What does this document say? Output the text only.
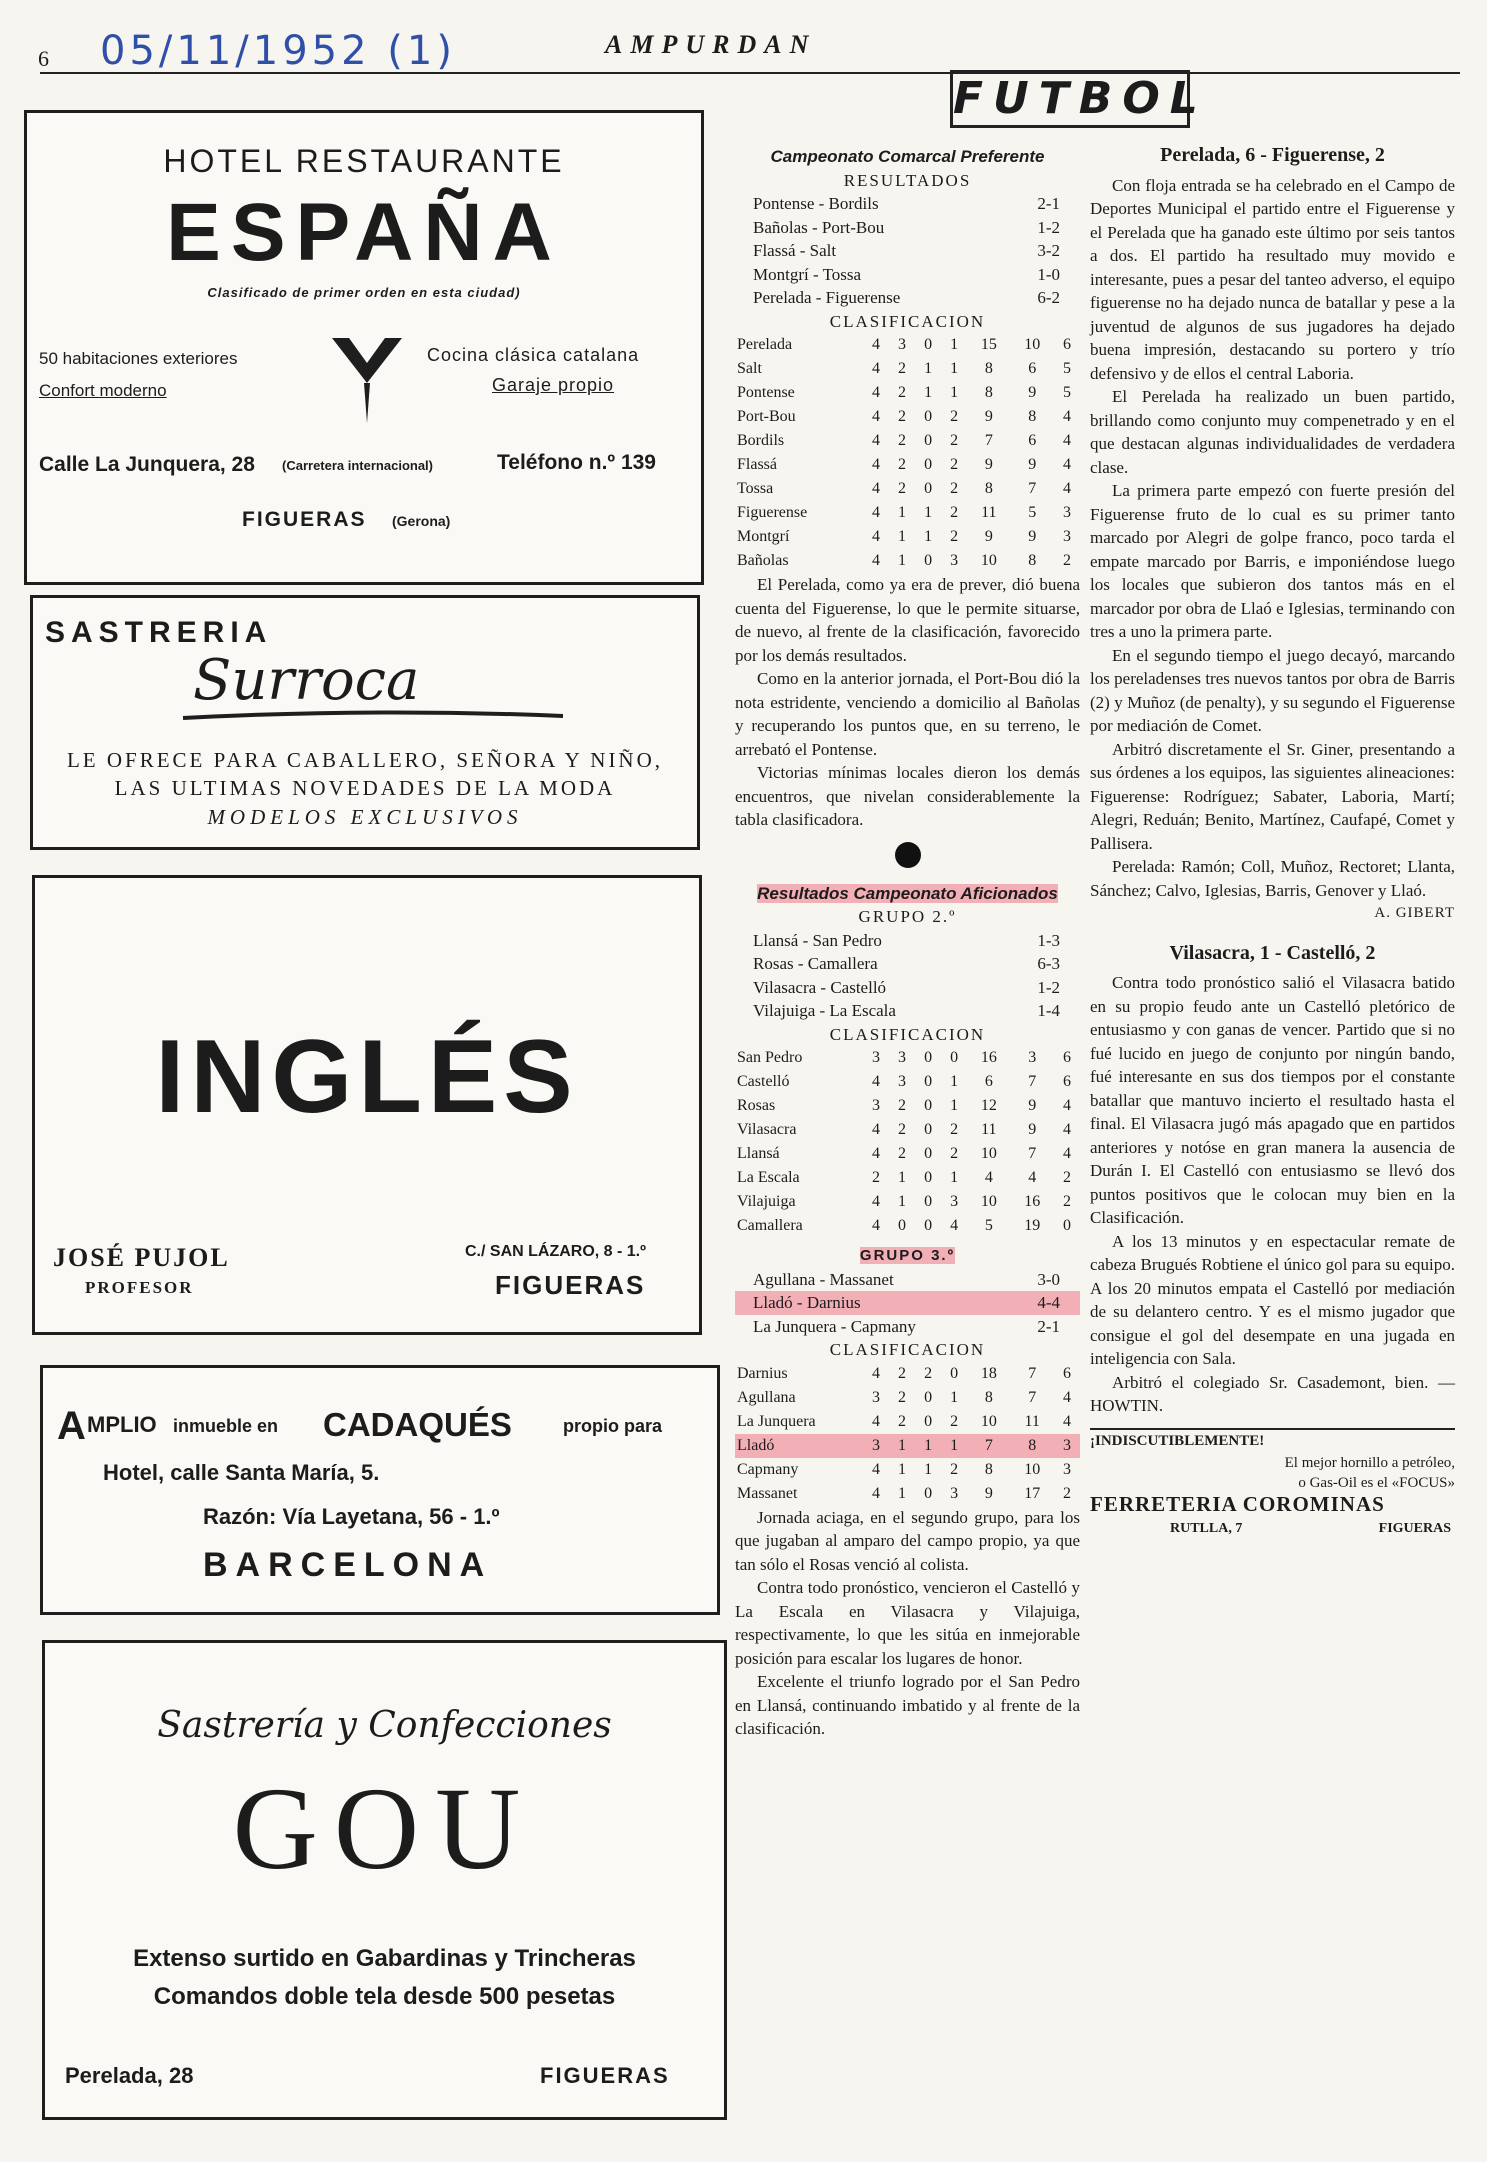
6 05/11/1952 (1)	AMPURDAN
HOTEL RESTAURANTE
ESPAÑA
Clasificado de primer orden en esta ciudad)
50 habitaciones exteriores
Confort moderno
Cocina clásica catalana
Garaje propio
Calle La Junquera, 28 (Carretera internacional)	Teléfono n.º 139
FIGUERAS (Gerona)
SASTRERIA
Surroca
LE OFRECE PARA CABALLERO, SEÑORA Y NIÑO,
LAS ULTIMAS NOVEDADES DE LA MODA
MODELOS EXCLUSIVOS
INGLÉS
JOSÉ PUJOL
PROFESOR
C./ SAN LÁZARO, 8 - 1.º
FIGUERAS
A MPLIO inmueble en CADAQUÉS	propio para
Hotel, calle Santa María, 5.
Razón: Vía Layetana, 56 - 1.º
BARCELONA
Sastrería y Confecciones
GOU
Extenso surtido en Gabardinas y Trincheras
Comandos doble tela desde 500 pesetas
Perelada, 28	FIGUERAS
FUTBOL
Campeonato Comarcal Preferente
RESULTADOS
Pontense - Bordils	2-1
Bañolas - Port-Bou	1-2
Flassá - Salt	3-2
Montgrí - Tossa	1-0
Perelada - Figuerense	6-2
CLASIFICACION
Perelada	4	3	0	1	15	10	6
Salt	4	2	1	1	8	6	5
Pontense	4	2	1	1	8	9	5
Port-Bou	4	2	0	2	9	8	4
Bordils	4	2	0	2	7	6	4
Flassá	4	2	0	2	9	9	4
Tossa	4	2	0	2	8	7	4
Figuerense	4	1	1	2	11	5	3
Montgrí	4	1	1	2	9	9	3
Bañolas	4	1	0	3	10	8	2
El Perelada, como ya era de prever, dió buena cuenta del Figuerense, lo que le permite situarse, de nuevo, al frente de la clasificación, favorecido por los demás resultados.
Como en la anterior jornada, el Port-Bou dió la nota estridente, venciendo a domicilio al Bañolas y recuperando los puntos que, en su terreno, le arrebató el Pontense.
Victorias mínimas locales dieron los demás encuentros, que nivelan considerablemente la tabla clasificadora.
Resultados Campeonato Aficionados
GRUPO 2.º
Llansá - San Pedro	1-3
Rosas - Camallera	6-3
Vilasacra - Castelló	1-2
Vilajuiga - La Escala	1-4
CLASIFICACION
San Pedro	3	3	0	0	16	3	6
Castelló	4	3	0	1	6	7	6
Rosas	3	2	0	1	12	9	4
Vilasacra	4	2	0	2	11	9	4
Llansá	4	2	0	2	10	7	4
La Escala	2	1	0	1	4	4	2
Vilajuiga	4	1	0	3	10	16	2
Camallera	4	0	0	4	5	19	0
GRUPO 3.º
Agullana - Massanet	3-0
Lladó - Darnius	4-4
La Junquera - Capmany	2-1
CLASIFICACION
Darnius	4	2	2	0	18	7	6
Agullana	3	2	0	1	8	7	4
La Junquera	4	2	0	2	10	11	4
Lladó	3	1	1	1	7	8	3
Capmany	4	1	1	2	8	10	3
Massanet	4	1	0	3	9	17	2
Jornada aciaga, en el segundo grupo, para los que jugaban al amparo del campo propio, ya que tan sólo el Rosas venció al colista.
Contra todo pronóstico, vencieron el Castelló y La Escala en Vilasacra y Vilajuiga, respectivamente, lo que les sitúa en inmejorable posición para escalar los lugares de honor.
Excelente el triunfo logrado por el San Pedro en Llansá, continuando imbatido y al frente de la clasificación.
Perelada, 6 - Figuerense, 2
Con floja entrada se ha celebrado en el Campo de Deportes Municipal el partido entre el Figuerense y el Perelada que ha ganado este último por seis tantos a dos. El partido ha resultado muy movido e interesante, pues a pesar del tanteo adverso, el equipo figuerense no ha dejado nunca de batallar y pese a la juventud de algunos de sus jugadores ha dejado buena impresión, destacando su portero y trío defensivo y de ellos el central Laboria.
El Perelada ha realizado un buen partido, brillando como conjunto muy compenetrado y en el que destacan algunas individualidades de verdadera clase.
La primera parte empezó con fuerte presión del Figuerense fruto de lo cual es su primer tanto marcado por Alegri de golpe franco, poco tarda el empate marcado por Barris, e imponiéndose luego los locales que subieron dos tantos más en el marcador por obra de Llaó e Iglesias, terminando con tres a uno la primera parte.
En el segundo tiempo el juego decayó, marcando los pereladenses tres nuevos tantos por obra de Barris (2) y Muñoz (de penalty), y su segundo el Figuerense por mediación de Comet.
Arbitró discretamente el Sr. Giner, presentando a sus órdenes a los equipos, las siguientes alineaciones: Figuerense: Rodríguez; Sabater, Laboria, Martí; Alegri, Reduán; Benito, Martínez, Caufapé, Comet y Pallisera.
Perelada: Ramón; Coll, Muñoz, Rectoret; Llanta, Sánchez; Calvo, Iglesias, Barris, Genover y Llaó.
A. GIBERT
Vilasacra, 1 - Castelló, 2
Contra todo pronóstico salió el Vilasacra batido en su propio feudo ante un Castelló pletórico de entusiasmo y con ganas de vencer. Partido que si no fué lucido en juego de conjunto por ningún bando, fué interesante en sus dos tiempos por el constante batallar que mantuvo incierto el resultado hasta el final. El Vilasacra jugó más apagado que en partidos anteriores y notóse en gran manera la ausencia de Durán I. El Castelló con entusiasmo se llevó dos puntos positivos que le colocan muy bien en la Clasificación.
A los 13 minutos y en espectacular remate de cabeza Brugués Robtiene el único gol para su equipo. A los 20 minutos empata el Castelló por mediación de su delantero centro. Y es el mismo jugador que consigue el gol del desempate en una jugada en inteligencia con Sala.
Arbitró el colegiado Sr. Casademont, bien. — HOWTIN.
¡INDISCUTIBLEMENTE!
El mejor hornillo a petróleo,
o Gas-Oil es el «FOCUS»
FERRETERIA COROMINAS
RUTLLA, 7	FIGUERAS
